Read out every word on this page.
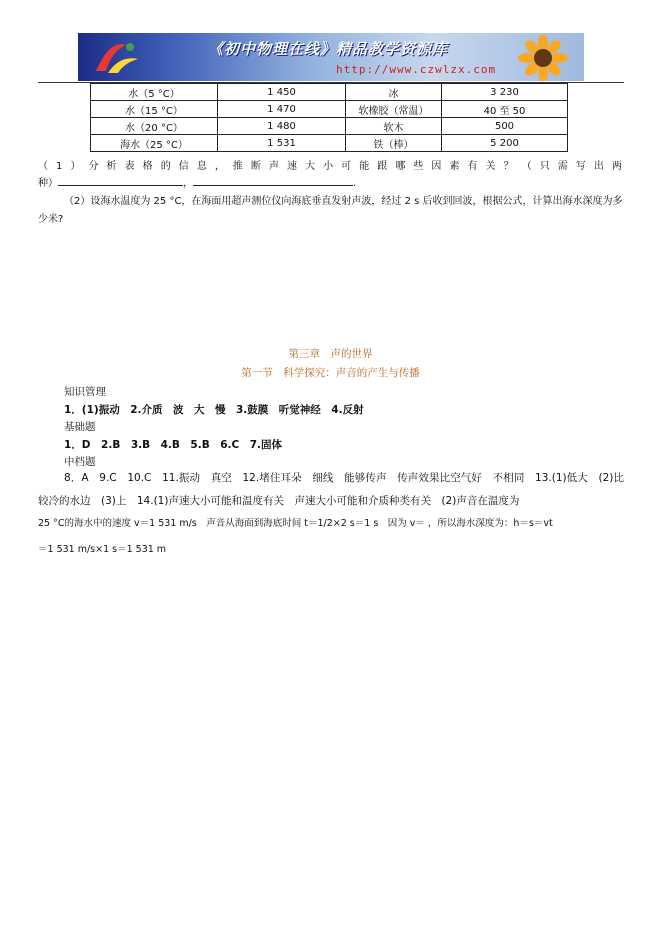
《初中物理在线》精品教学资源库
http://www.czwlzx.com
水（5 °C）	1 450	冰	3 230
水（15 °C）	1 470	软橡胶（常温）	40 至 50
水（20 °C）	1 480	软木	500
海水（25 °C）	1 531	铁（棒）	5 200
（1）分析表格的信息，推断声速大小可能跟哪些因素有关？（只需写出两
种）	，	.
（2）设海水温度为 25 °C，在海面用超声测位仪向海底垂直发射声波，经过 2 s 后收到回波，根据公式，计算出海水深度为多少米?
第三章　声的世界
第一节　科学探究：声音的产生与传播
知识管理
1．(1)振动　2.介质　波　大　慢　3.鼓膜　听觉神经　4.反射
基础题
1．D　2.B　3.B　4.B　5.B　6.C　7.固体
中档题
8．A　9.C　10.C　11.振动　真空　12.堵住耳朵　细线　能够传声　传声效果比空气好　不相同　13.(1)低大　(2)比较冷的水边　(3)上　14.(1)声速大小可能和温度有关　声速大小可能和介质种类有关　(2)声音在温度为
25 °C的海水中的速度 v＝1 531 m/s　声音从海面到海底时间 t＝1/2×2 s＝1 s　因为 v＝ ，所以海水深度为：h＝s＝vt
＝1 531 m/s×1 s＝1 531 m
